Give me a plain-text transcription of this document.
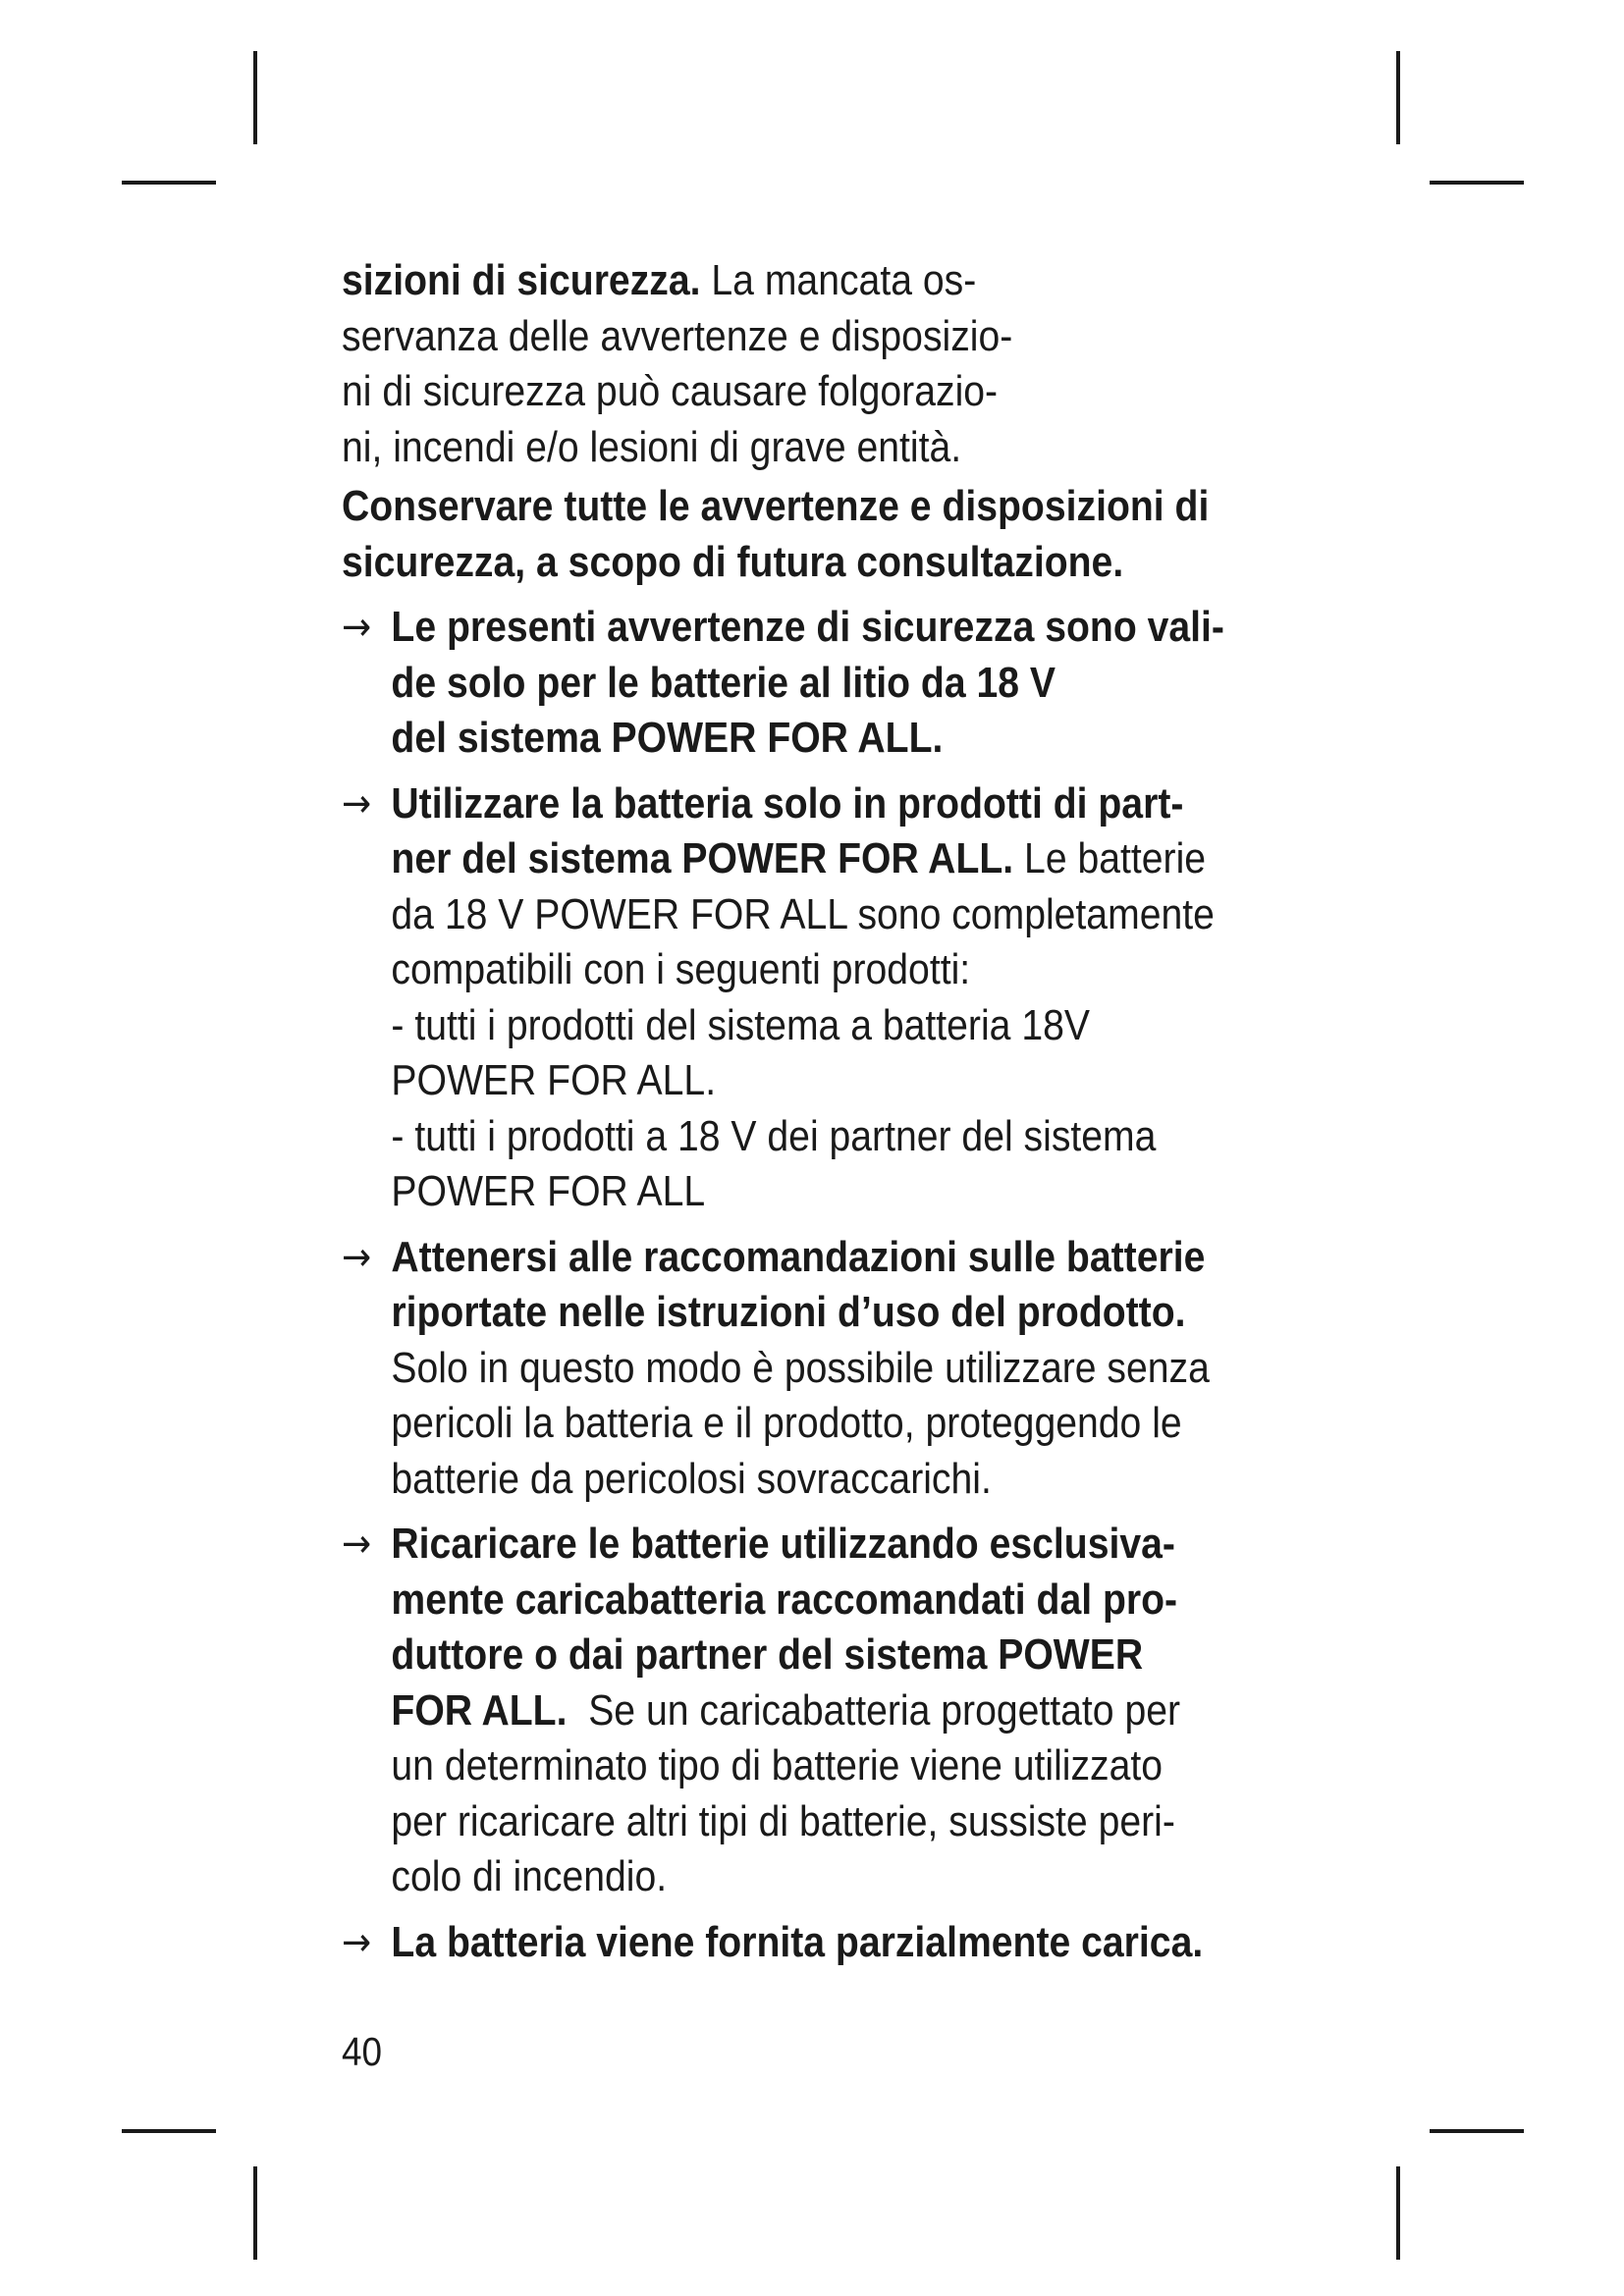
sizioni di sicurezza. La mancata os-
servanza delle avvertenze e disposizio-
ni di sicurezza può causare folgorazio-
ni, incendi e/o lesioni di grave entità.
Conservare tutte le avvertenze e disposizioni di
sicurezza, a scopo di futura consultazione.
→ Le presenti avvertenze di sicurezza sono vali-
de solo per le batterie al litio da 18 V
del sistema POWER FOR ALL.
→ Utilizzare la batteria solo in prodotti di part-
ner del sistema POWER FOR ALL. Le batterie
da 18 V POWER FOR ALL sono completamente
compatibili con i seguenti prodotti:
- tutti i prodotti del sistema a batteria 18V
POWER FOR ALL.
- tutti i prodotti a 18 V dei partner del sistema
POWER FOR ALL
→ Attenersi alle raccomandazioni sulle batterie
riportate nelle istruzioni d’uso del prodotto.
Solo in questo modo è possibile utilizzare senza
pericoli la batteria e il prodotto, proteggendo le
batterie da pericolosi sovraccarichi.
→ Ricaricare le batterie utilizzando esclusiva-
mente caricabatteria raccomandati dal pro-
duttore o dai partner del sistema POWER
FOR ALL.  Se un caricabatteria progettato per
un determinato tipo di batterie viene utilizzato
per ricaricare altri tipi di batterie, sussiste peri-
colo di incendio.
→ La batteria viene fornita parzialmente carica.
40
